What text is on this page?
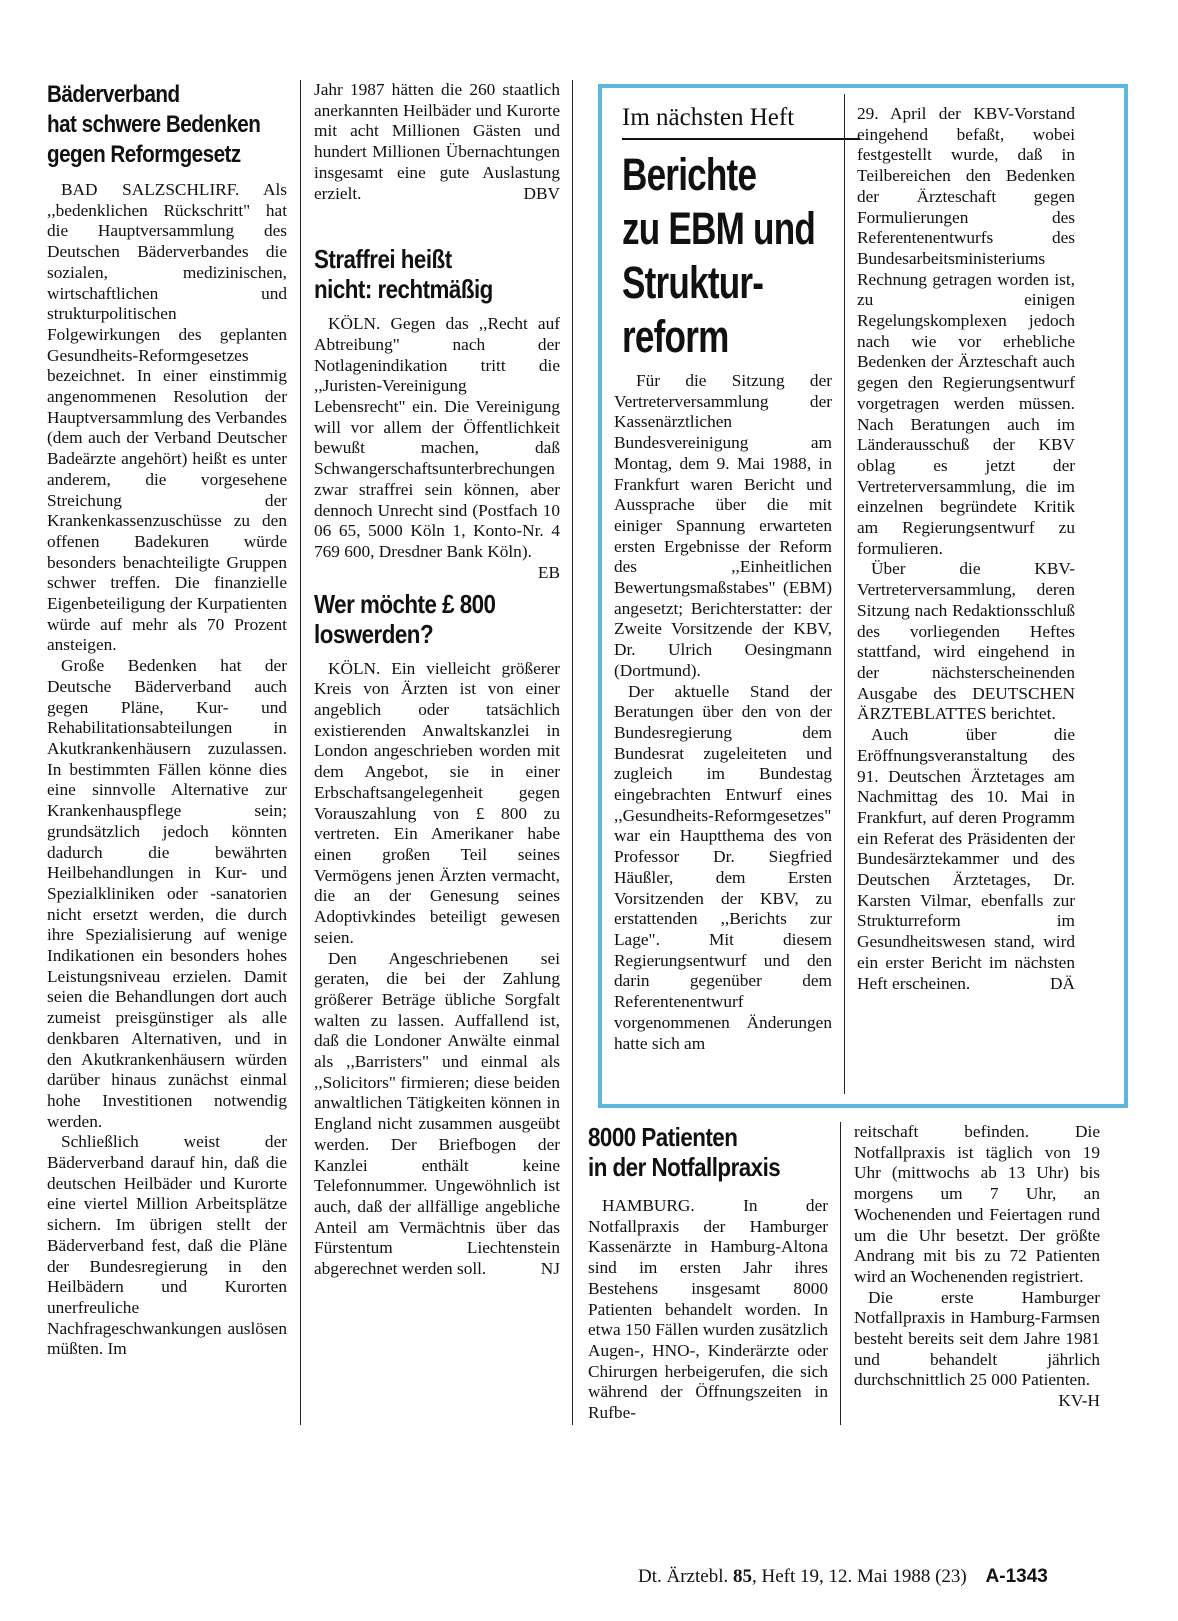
Bäderverband
hat schwere Bedenken
gegen Reformgesetz

BAD SALZSCHLIRF. Als ,,bedenklichen Rückschritt" hat die Hauptversammlung des Deutschen Bäderverbandes die sozialen, medizinischen, wirtschaftlichen und strukturpolitischen Folgewirkungen des geplanten Gesundheits-Reformgesetzes bezeichnet. In einer einstimmig angenommenen Resolution der Hauptversammlung des Verbandes (dem auch der Verband Deutscher Badeärzte angehört) heißt es unter anderem, die vorgesehene Streichung der Krankenkassenzuschüsse zu den offenen Badekuren würde besonders benachteiligte Gruppen schwer treffen. Die finanzielle Eigenbeteiligung der Kurpatienten würde auf mehr als 70 Prozent ansteigen.

Große Bedenken hat der Deutsche Bäderverband auch gegen Pläne, Kur- und Rehabilitationsabteilungen in Akutkrankenhäusern zuzulassen. In bestimmten Fällen könne dies eine sinnvolle Alternative zur Krankenhauspflege sein; grundsätzlich jedoch könnten dadurch die bewährten Heilbehandlungen in Kur- und Spezialkliniken oder -sanatorien nicht ersetzt werden, die durch ihre Spezialisierung auf wenige Indikationen ein besonders hohes Leistungsniveau erzielen. Damit seien die Behandlungen dort auch zumeist preisgünstiger als alle denkbaren Alternativen, und in den Akutkrankenhäusern würden darüber hinaus zunächst einmal hohe Investitionen notwendig werden.

Schließlich weist der Bäderverband darauf hin, daß die deutschen Heilbäder und Kurorte eine viertel Million Arbeitsplätze sichern. Im übrigen stellt der Bäderverband fest, daß die Pläne der Bundesregierung in den Heilbädern und Kurorten unerfreuliche Nachfrageschwankungen auslösen müßten. Im

Jahr 1987 hätten die 260 staatlich anerkannten Heilbäder und Kurorte mit acht Millionen Gästen und hundert Millionen Übernachtungen insgesamt eine gute Auslastung erzielt.	DBV

Straffrei heißt
nicht: rechtmäßig

KÖLN. Gegen das ,,Recht auf Abtreibung" nach der Notlagenindikation tritt die ,,Juristen-Vereinigung Lebensrecht" ein. Die Vereinigung will vor allem der Öffentlichkeit bewußt machen, daß Schwangerschaftsunterbrechungen zwar straffrei sein können, aber dennoch Unrecht sind (Postfach 10 06 65, 5000 Köln 1, Konto-Nr. 4 769 600, Dresdner Bank Köln).
EB

Wer möchte £ 800
loswerden?

KÖLN. Ein vielleicht größerer Kreis von Ärzten ist von einer angeblich oder tatsächlich existierenden Anwaltskanzlei in London angeschrieben worden mit dem Angebot, sie in einer Erbschaftsangelegenheit gegen Vorauszahlung von £ 800 zu vertreten. Ein Amerikaner habe einen großen Teil seines Vermögens jenen Ärzten vermacht, die an der Genesung seines Adoptivkindes beteiligt gewesen seien.

Den Angeschriebenen sei geraten, die bei der Zahlung größerer Beträge übliche Sorgfalt walten zu lassen. Auffallend ist, daß die Londoner Anwälte einmal als ,,Barristers" und einmal als ,,Solicitors" firmieren; diese beiden anwaltlichen Tätigkeiten können in England nicht zusammen ausgeübt werden. Der Briefbogen der Kanzlei enthält keine Telefonnummer. Ungewöhnlich ist auch, daß der allfällige angebliche Anteil am Vermächtnis über das Fürstentum Liechtenstein abgerechnet werden soll.	NJ

Im nächsten Heft
Berichte
zu EBM und
Struktur-
reform

Für die Sitzung der Vertreterversammlung der Kassenärztlichen Bundesvereinigung am Montag, dem 9. Mai 1988, in Frankfurt waren Bericht und Aussprache über die mit einiger Spannung erwarteten ersten Ergebnisse der Reform des ,,Einheitlichen Bewertungsmaßstabes" (EBM) angesetzt; Berichterstatter: der Zweite Vorsitzende der KBV, Dr. Ulrich Oesingmann (Dortmund).

Der aktuelle Stand der Beratungen über den von der Bundesregierung dem Bundesrat zugeleiteten und zugleich im Bundestag eingebrachten Entwurf eines ,,Gesundheits-Reformgesetzes" war ein Hauptthema des von Professor Dr. Siegfried Häußler, dem Ersten Vorsitzenden der KBV, zu erstattenden ,,Berichts zur Lage". Mit diesem Regierungsentwurf und den darin gegenüber dem Referentenentwurf vorgenommenen Änderungen hatte sich am

29. April der KBV-Vorstand eingehend befaßt, wobei festgestellt wurde, daß in Teilbereichen den Bedenken der Ärzteschaft gegen Formulierungen des Referentenentwurfs des Bundesarbeitsministeriums Rechnung getragen worden ist, zu einigen Regelungskomplexen jedoch nach wie vor erhebliche Bedenken der Ärzteschaft auch gegen den Regierungsentwurf vorgetragen werden müssen. Nach Beratungen auch im Länderausschuß der KBV oblag es jetzt der Vertreterversammlung, die im einzelnen begründete Kritik am Regierungsentwurf zu formulieren.

Über die KBV-Vertreterversammlung, deren Sitzung nach Redaktionsschluß des vorliegenden Heftes stattfand, wird eingehend in der nächsterscheinenden Ausgabe des DEUTSCHEN ÄRZTEBLATTES berichtet.

Auch über die Eröffnungsveranstaltung des 91. Deutschen Ärztetages am Nachmittag des 10. Mai in Frankfurt, auf deren Programm ein Referat des Präsidenten der Bundesärztekammer und des Deutschen Ärztetages, Dr. Karsten Vilmar, ebenfalls zur Strukturreform im Gesundheitswesen stand, wird ein erster Bericht im nächsten Heft erscheinen.	DÄ

8000 Patienten
in der Notfallpraxis

HAMBURG. In der Notfallpraxis der Hamburger Kassenärzte in Hamburg-Altona sind im ersten Jahr ihres Bestehens insgesamt 8000 Patienten behandelt worden. In etwa 150 Fällen wurden zusätzlich Augen-, HNO-, Kinderärzte oder Chirurgen herbeigerufen, die sich während der Öffnungszeiten in Rufbe-

reitschaft befinden. Die Notfallpraxis ist täglich von 19 Uhr (mittwochs ab 13 Uhr) bis morgens um 7 Uhr, an Wochenenden und Feiertagen rund um die Uhr besetzt. Der größte Andrang mit bis zu 72 Patienten wird an Wochenenden registriert.

Die erste Hamburger Notfallpraxis in Hamburg-Farmsen besteht bereits seit dem Jahre 1981 und behandelt jährlich durchschnittlich 25 000 Patienten.
KV-H

Dt. Ärztebl. 85, Heft 19, 12. Mai 1988 (23) A-1343
